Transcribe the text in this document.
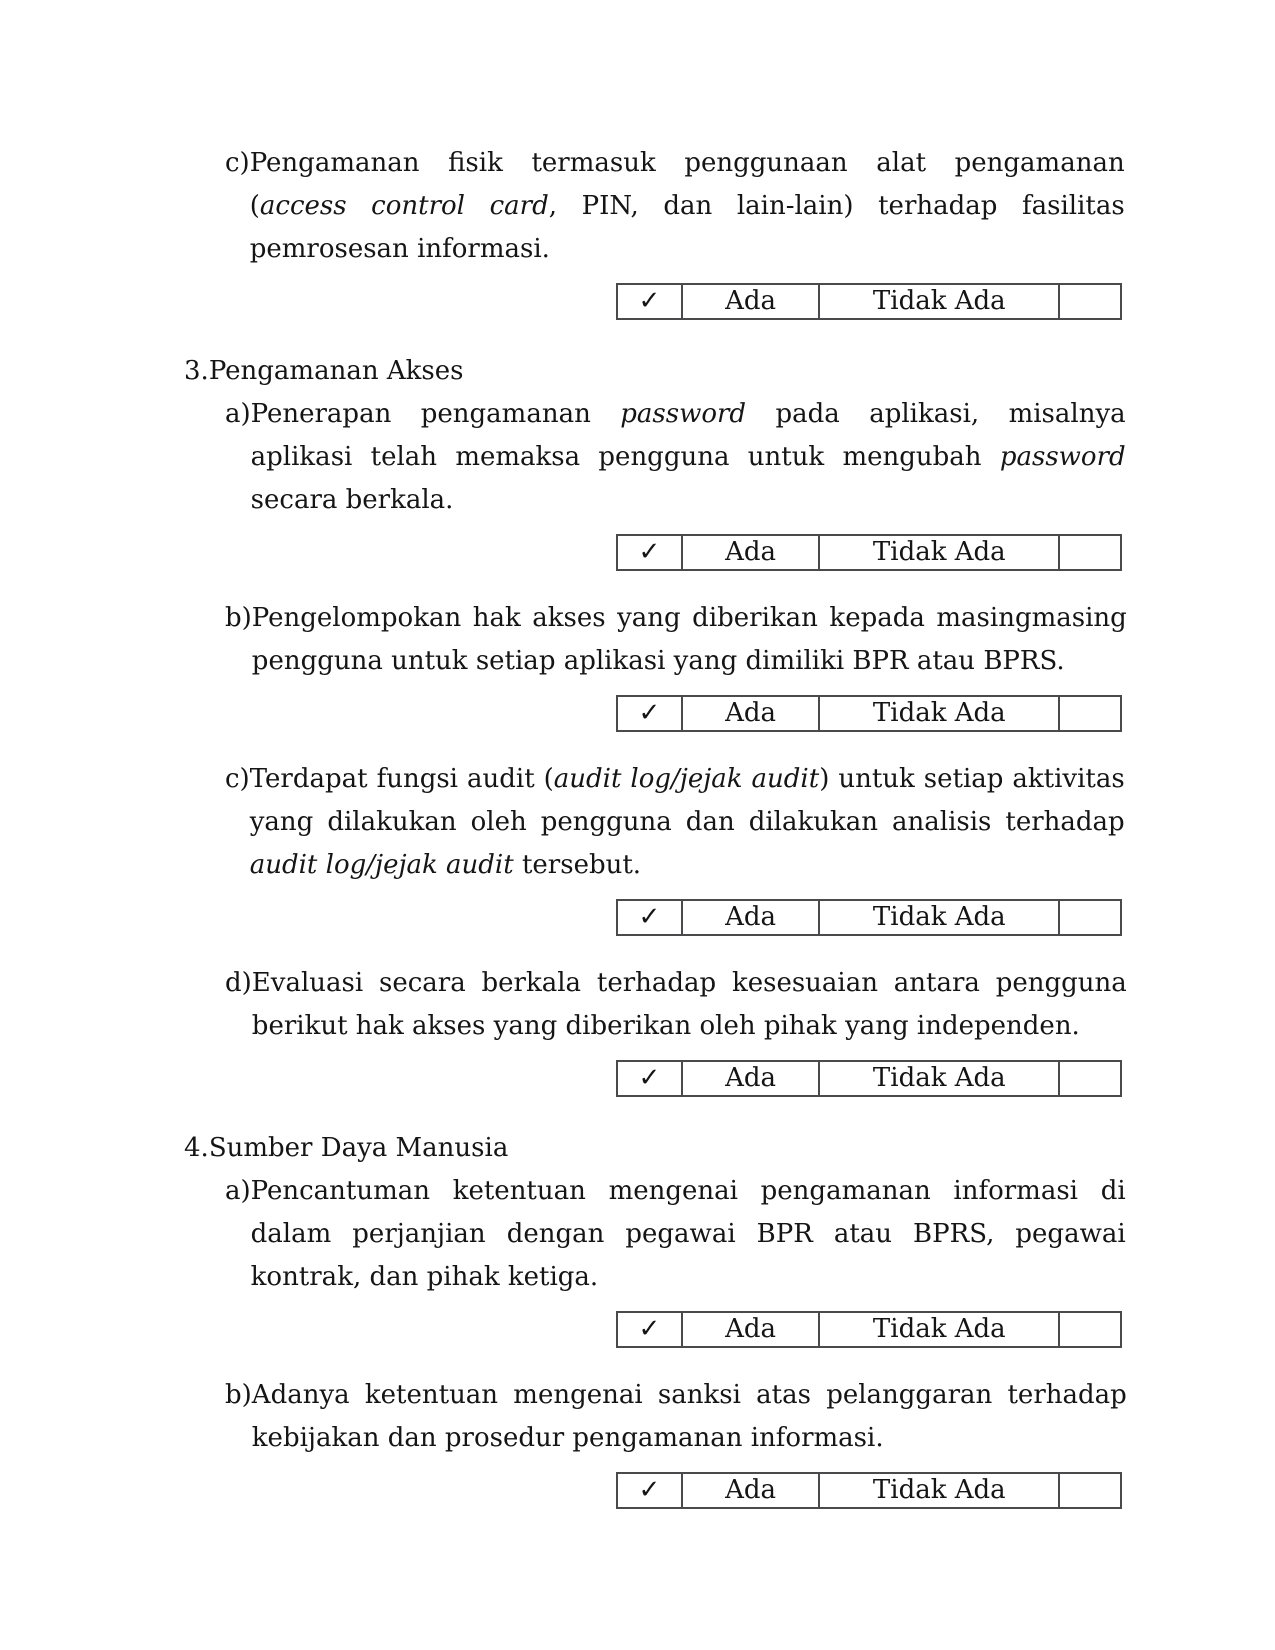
c) Pengamanan fisik termasuk penggunaan alat pengamanan (access control card, PIN, dan lain-lain) terhadap fasilitas pemrosesan informasi.
✓	Ada	Tidak Ada	
3. Pengamanan Akses
a) Penerapan pengamanan password pada aplikasi, misalnya aplikasi telah memaksa pengguna untuk mengubah password secara berkala.
✓	Ada	Tidak Ada	
b) Pengelompokan hak akses yang diberikan kepada masingmasing pengguna untuk setiap aplikasi yang dimiliki BPR atau BPRS.
✓	Ada	Tidak Ada	
c) Terdapat fungsi audit (audit log/jejak audit) untuk setiap aktivitas yang dilakukan oleh pengguna dan dilakukan analisis terhadap audit log/jejak audit tersebut.
✓	Ada	Tidak Ada	
d) Evaluasi secara berkala terhadap kesesuaian antara pengguna berikut hak akses yang diberikan oleh pihak yang independen.
✓	Ada	Tidak Ada	
4. Sumber Daya Manusia
a) Pencantuman ketentuan mengenai pengamanan informasi di dalam perjanjian dengan pegawai BPR atau BPRS, pegawai kontrak, dan pihak ketiga.
✓	Ada	Tidak Ada	
b) Adanya ketentuan mengenai sanksi atas pelanggaran terhadap kebijakan dan prosedur pengamanan informasi.
✓	Ada	Tidak Ada	
